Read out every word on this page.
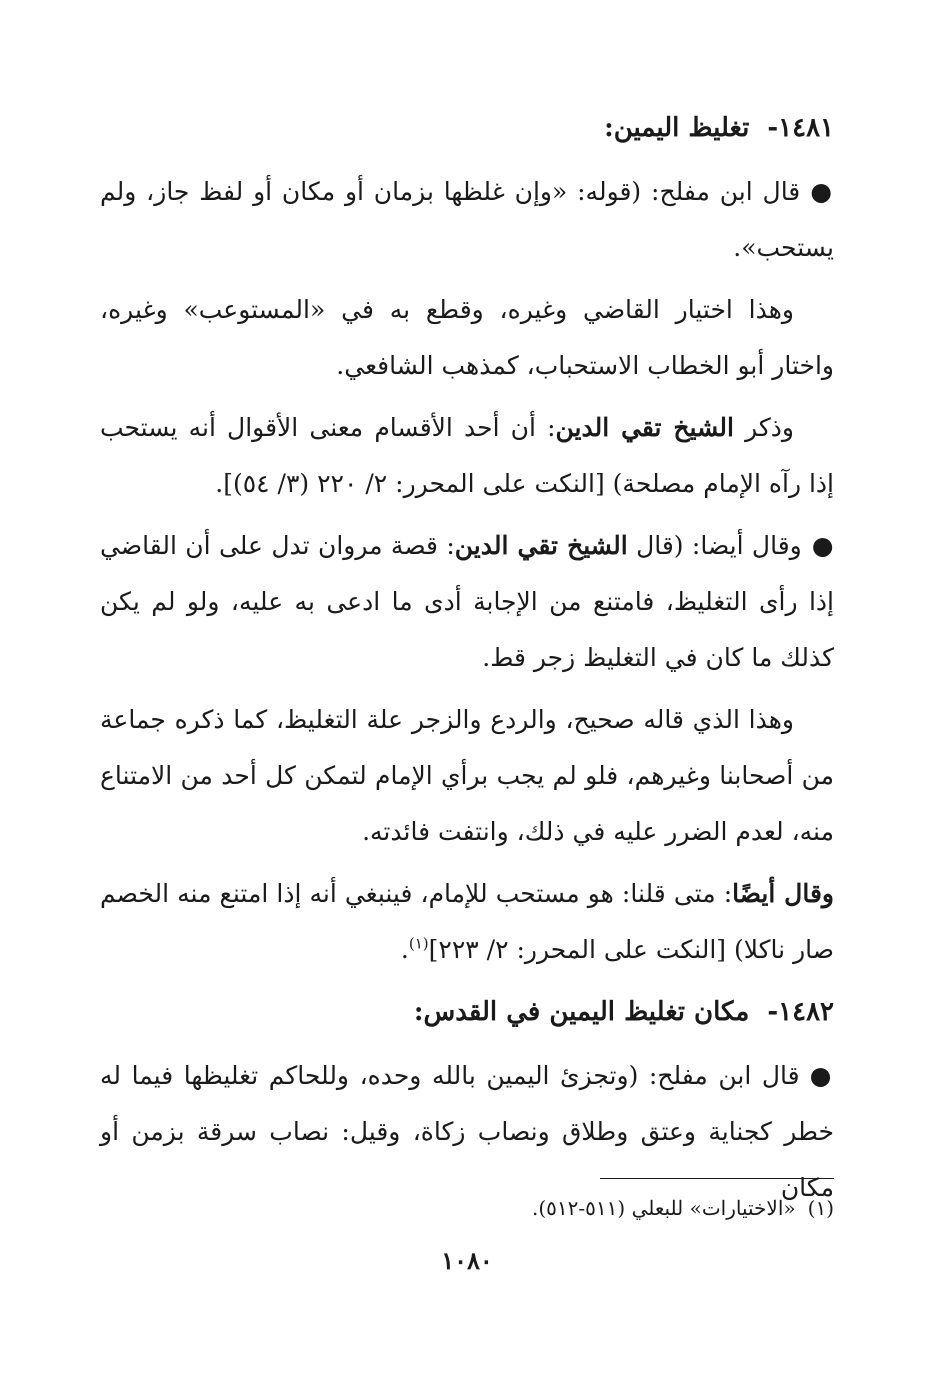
١٤٨١-تغليظ اليمين:

●قال ابن مفلح: (قوله: «وإن غلظها بزمان أو مكان أو لفظ جاز، ولم يستحب».

وهذا اختيار القاضي وغيره، وقطع به في «المستوعب» وغيره، واختار أبو الخطاب الاستحباب، كمذهب الشافعي.

وذكر الشيخ تقي الدين: أن أحد الأقسام معنى الأقوال أنه يستحب إذا رآه الإمام مصلحة) [النكت على المحرر: ٢/ ٢٢٠ (٣/ ٥٤)].

●وقال أيضا: (قال الشيخ تقي الدين: قصة مروان تدل على أن القاضي إذا رأى التغليظ، فامتنع من الإجابة أدى ما ادعى به عليه، ولو لم يكن كذلك ما كان في التغليظ زجر قط.

وهذا الذي قاله صحيح، والردع والزجر علة التغليظ، كما ذكره جماعة من أصحابنا وغيرهم، فلو لم يجب برأي الإمام لتمكن كل أحد من الامتناع منه، لعدم الضرر عليه في ذلك، وانتفت فائدته.

وقال أيضًا: متى قلنا: هو مستحب للإمام، فينبغي أنه إذا امتنع منه الخصم صار ناكلا) [النكت على المحرر: ٢/ ٢٢٣]$^{(١)}$.

١٤٨٢-مكان تغليظ اليمين في القدس:

●قال ابن مفلح: (وتجزئ اليمين بالله وحده، وللحاكم تغليظها فيما له خطر كجناية وعتق وطلاق ونصاب زكاة، وقيل: نصاب سرقة بزمن أو مكان

(١)«الاختيارات» للبعلي (٥١١-٥١٢).
١٠٨٠
